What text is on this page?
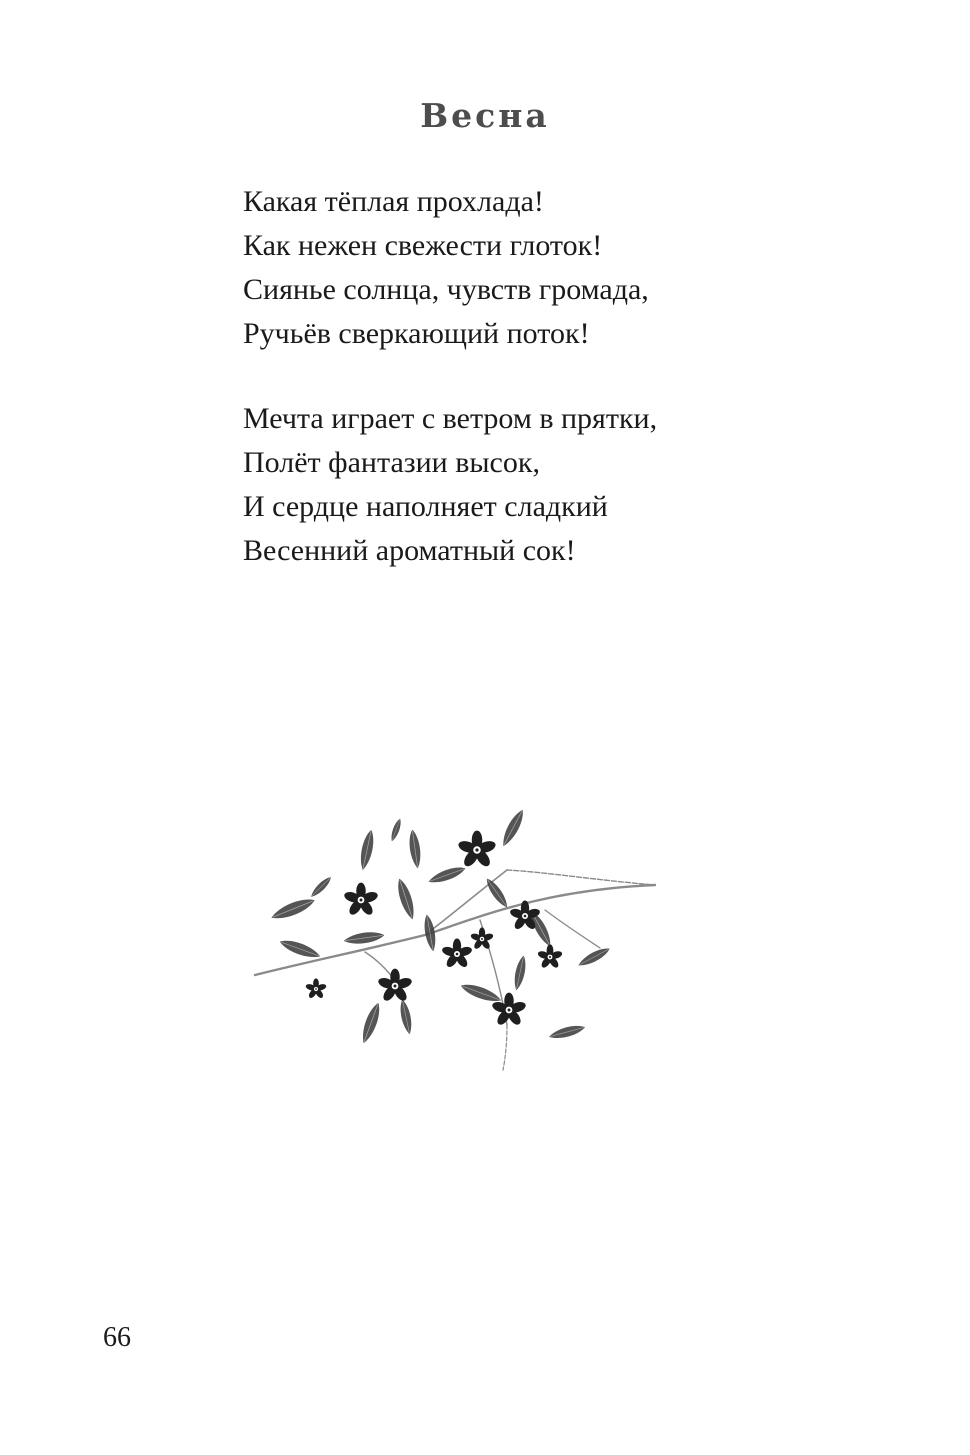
Весна
Какая тёплая прохлада!
Как нежен свежести глоток!
Сиянье солнца, чувств громада,
Ручьёв сверкающий поток!
Мечта играет с ветром в прятки,
Полёт фантазии высок,
И сердце наполняет сладкий
Весенний ароматный сок!
66
